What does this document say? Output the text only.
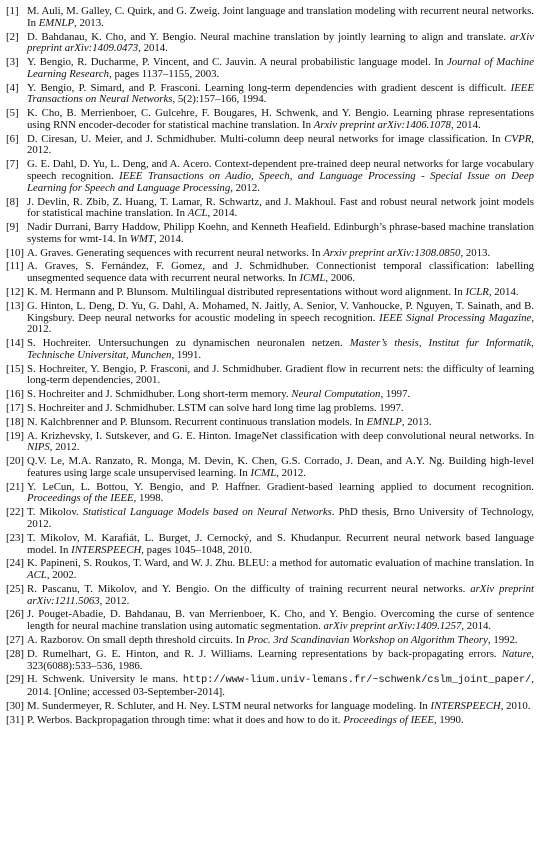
[1] M. Auli, M. Galley, C. Quirk, and G. Zweig. Joint language and translation modeling with recurrent neural networks. In EMNLP, 2013.
[2] D. Bahdanau, K. Cho, and Y. Bengio. Neural machine translation by jointly learning to align and translate. arXiv preprint arXiv:1409.0473, 2014.
[3] Y. Bengio, R. Ducharme, P. Vincent, and C. Jauvin. A neural probabilistic language model. In Journal of Machine Learning Research, pages 1137–1155, 2003.
[4] Y. Bengio, P. Simard, and P. Frasconi. Learning long-term dependencies with gradient descent is difficult. IEEE Transactions on Neural Networks, 5(2):157–166, 1994.
[5] K. Cho, B. Merrienboer, C. Gulcehre, F. Bougares, H. Schwenk, and Y. Bengio. Learning phrase representations using RNN encoder-decoder for statistical machine translation. In Arxiv preprint arXiv:1406.1078, 2014.
[6] D. Ciresan, U. Meier, and J. Schmidhuber. Multi-column deep neural networks for image classification. In CVPR, 2012.
[7] G. E. Dahl, D. Yu, L. Deng, and A. Acero. Context-dependent pre-trained deep neural networks for large vocabulary speech recognition. IEEE Transactions on Audio, Speech, and Language Processing - Special Issue on Deep Learning for Speech and Language Processing, 2012.
[8] J. Devlin, R. Zbib, Z. Huang, T. Lamar, R. Schwartz, and J. Makhoul. Fast and robust neural network joint models for statistical machine translation. In ACL, 2014.
[9] Nadir Durrani, Barry Haddow, Philipp Koehn, and Kenneth Heafield. Edinburgh’s phrase-based machine translation systems for wmt-14. In WMT, 2014.
[10] A. Graves. Generating sequences with recurrent neural networks. In Arxiv preprint arXiv:1308.0850, 2013.
[11] A. Graves, S. Fernández, F. Gomez, and J. Schmidhuber. Connectionist temporal classification: labelling unsegmented sequence data with recurrent neural networks. In ICML, 2006.
[12] K. M. Hermann and P. Blunsom. Multilingual distributed representations without word alignment. In ICLR, 2014.
[13] G. Hinton, L. Deng, D. Yu, G. Dahl, A. Mohamed, N. Jaitly, A. Senior, V. Vanhoucke, P. Nguyen, T. Sainath, and B. Kingsbury. Deep neural networks for acoustic modeling in speech recognition. IEEE Signal Processing Magazine, 2012.
[14] S. Hochreiter. Untersuchungen zu dynamischen neuronalen netzen. Master’s thesis, Institut fur Informatik, Technische Universitat, Munchen, 1991.
[15] S. Hochreiter, Y. Bengio, P. Frasconi, and J. Schmidhuber. Gradient flow in recurrent nets: the difficulty of learning long-term dependencies, 2001.
[16] S. Hochreiter and J. Schmidhuber. Long short-term memory. Neural Computation, 1997.
[17] S. Hochreiter and J. Schmidhuber. LSTM can solve hard long time lag problems. 1997.
[18] N. Kalchbrenner and P. Blunsom. Recurrent continuous translation models. In EMNLP, 2013.
[19] A. Krizhevsky, I. Sutskever, and G. E. Hinton. ImageNet classification with deep convolutional neural networks. In NIPS, 2012.
[20] Q.V. Le, M.A. Ranzato, R. Monga, M. Devin, K. Chen, G.S. Corrado, J. Dean, and A.Y. Ng. Building high-level features using large scale unsupervised learning. In ICML, 2012.
[21] Y. LeCun, L. Bottou, Y. Bengio, and P. Haffner. Gradient-based learning applied to document recognition. Proceedings of the IEEE, 1998.
[22] T. Mikolov. Statistical Language Models based on Neural Networks. PhD thesis, Brno University of Technology, 2012.
[23] T. Mikolov, M. Karafiát, L. Burget, J. Cernocký, and S. Khudanpur. Recurrent neural network based language model. In INTERSPEECH, pages 1045–1048, 2010.
[24] K. Papineni, S. Roukos, T. Ward, and W. J. Zhu. BLEU: a method for automatic evaluation of machine translation. In ACL, 2002.
[25] R. Pascanu, T. Mikolov, and Y. Bengio. On the difficulty of training recurrent neural networks. arXiv preprint arXiv:1211.5063, 2012.
[26] J. Pouget-Abadie, D. Bahdanau, B. van Merrienboer, K. Cho, and Y. Bengio. Overcoming the curse of sentence length for neural machine translation using automatic segmentation. arXiv preprint arXiv:1409.1257, 2014.
[27] A. Razborov. On small depth threshold circuits. In Proc. 3rd Scandinavian Workshop on Algorithm Theory, 1992.
[28] D. Rumelhart, G. E. Hinton, and R. J. Williams. Learning representations by back-propagating errors. Nature, 323(6088):533–536, 1986.
[29] H. Schwenk. University le mans. http://www-lium.univ-lemans.fr/~schwenk/cslm_joint_paper/, 2014. [Online; accessed 03-September-2014].
[30] M. Sundermeyer, R. Schluter, and H. Ney. LSTM neural networks for language modeling. In INTERSPEECH, 2010.
[31] P. Werbos. Backpropagation through time: what it does and how to do it. Proceedings of IEEE, 1990.
